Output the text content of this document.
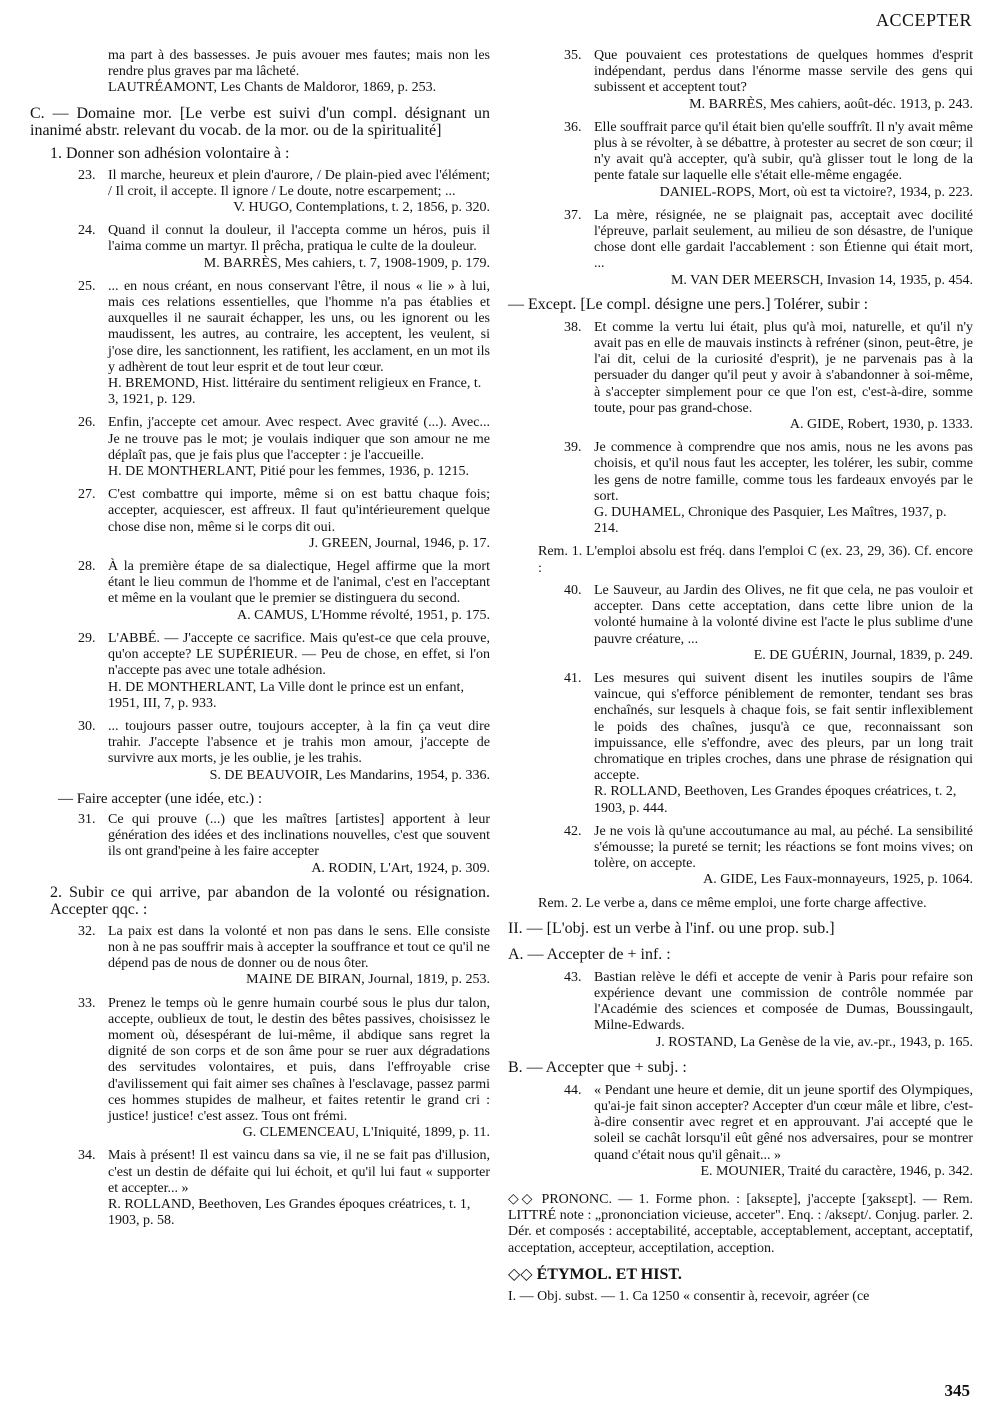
ACCEPTER
ma part à des bassesses. Je puis avouer mes fautes; mais non les rendre plus graves par ma lâcheté.
LAUTRÉAMONT, Les Chants de Maldoror, 1869, p. 253.
C. — Domaine mor. [Le verbe est suivi d'un compl. désignant un inanimé abstr. relevant du vocab. de la mor. ou de la spiritualité]
1. Donner son adhésion volontaire à :
23. Il marche, heureux et plein d'aurore, / De plain-pied avec l'élément; / Il croit, il accepte. Il ignore / Le doute, notre escarpement; ...
V. HUGO, Contemplations, t. 2, 1856, p. 320.
24. Quand il connut la douleur, il l'accepta comme un héros, puis il l'aima comme un martyr. Il prêcha, pratiqua le culte de la douleur.
M. BARRÈS, Mes cahiers, t. 7, 1908-1909, p. 179.
25. ... en nous créant, en nous conservant l'être, il nous « lie » à lui, mais ces relations essentielles, que l'homme n'a pas établies et auxquelles il ne saurait échapper, les uns, ou les ignorent ou les maudissent, les autres, au contraire, les acceptent, les veulent, si j'ose dire, les sanctionnent, les ratifient, les acclament, en un mot ils y adhèrent de tout leur esprit et de tout leur cœur.
H. BREMOND, Hist. littéraire du sentiment religieux en France, t. 3, 1921, p. 129.
26. Enfin, j'accepte cet amour. Avec respect. Avec gravité (...). Avec... Je ne trouve pas le mot; je voulais indiquer que son amour ne me déplaît pas, que je fais plus que l'accepter : je l'accueille.
H. DE MONTHERLANT, Pitié pour les femmes, 1936, p. 1215.
27. C'est combattre qui importe, même si on est battu chaque fois; accepter, acquiescer, est affreux. Il faut qu'intérieurement quelque chose dise non, même si le corps dit oui.
J. GREEN, Journal, 1946, p. 17.
28. À la première étape de sa dialectique, Hegel affirme que la mort étant le lieu commun de l'homme et de l'animal, c'est en l'acceptant et même en la voulant que le premier se distinguera du second.
A. CAMUS, L'Homme révolté, 1951, p. 175.
29. L'ABBÉ. — J'accepte ce sacrifice. Mais qu'est-ce que cela prouve, qu'on accepte? LE SUPÉRIEUR. — Peu de chose, en effet, si l'on n'accepte pas avec une totale adhésion.
H. DE MONTHERLANT, La Ville dont le prince est un enfant, 1951, III, 7, p. 933.
30. ... toujours passer outre, toujours accepter, à la fin ça veut dire trahir. J'accepte l'absence et je trahis mon amour, j'accepte de survivre aux morts, je les oublie, je les trahis.
S. DE BEAUVOIR, Les Mandarins, 1954, p. 336.
— Faire accepter (une idée, etc.) :
31. Ce qui prouve (...) que les maîtres [artistes] apportent à leur génération des idées et des inclinations nouvelles, c'est que souvent ils ont grand'peine à les faire accepter
A. RODIN, L'Art, 1924, p. 309.
2. Subir ce qui arrive, par abandon de la volonté ou résignation. Accepter qqc. :
32. La paix est dans la volonté et non pas dans le sens. Elle consiste non à ne pas souffrir mais à accepter la souffrance et tout ce qu'il ne dépend pas de nous de donner ou de nous ôter.
MAINE DE BIRAN, Journal, 1819, p. 253.
33. Prenez le temps où le genre humain courbé sous le plus dur talon, accepte, oublieux de tout, le destin des bêtes passives, choisissez le moment où, désespérant de lui-même, il abdique sans regret la dignité de son corps et de son âme pour se ruer aux dégradations des servitudes volontaires, et puis, dans l'effroyable crise d'avilissement qui fait aimer ses chaînes à l'esclavage, passez parmi ces hommes stupides de malheur, et faites retentir le grand cri : justice! justice! c'est assez. Tous ont frémi.
G. CLEMENCEAU, L'Iniquité, 1899, p. 11.
34. Mais à présent! Il est vaincu dans sa vie, il ne se fait pas d'illusion, c'est un destin de défaite qui lui échoit, et qu'il lui faut « supporter et accepter... »
R. ROLLAND, Beethoven, Les Grandes époques créatrices, t. 1, 1903, p. 58.
35. Que pouvaient ces protestations de quelques hommes d'esprit indépendant, perdus dans l'énorme masse servile des gens qui subissent et acceptent tout?
M. BARRÈS, Mes cahiers, août-déc. 1913, p. 243.
36. Elle souffrait parce qu'il était bien qu'elle souffrît. Il n'y avait même plus à se révolter, à se débattre, à protester au secret de son cœur; il n'y avait qu'à accepter, qu'à subir, qu'à glisser tout le long de la pente fatale sur laquelle elle s'était elle-même engagée.
DANIEL-ROPS, Mort, où est ta victoire?, 1934, p. 223.
37. La mère, résignée, ne se plaignait pas, acceptait avec docilité l'épreuve, parlait seulement, au milieu de son désastre, de l'unique chose dont elle gardait l'accablement : son Étienne qui était mort, ...
M. VAN DER MEERSCH, Invasion 14, 1935, p. 454.
— Except. [Le compl. désigne une pers.] Tolérer, subir :
38. Et comme la vertu lui était, plus qu'à moi, naturelle, et qu'il n'y avait pas en elle de mauvais instincts à refréner (sinon, peut-être, je l'ai dit, celui de la curiosité d'esprit), je ne parvenais pas à la persuader du danger qu'il peut y avoir à s'abandonner à soi-même, à s'accepter simplement pour ce que l'on est, c'est-à-dire, somme toute, pour pas grand-chose.
A. GIDE, Robert, 1930, p. 1333.
39. Je commence à comprendre que nos amis, nous ne les avons pas choisis, et qu'il nous faut les accepter, les tolérer, les subir, comme les gens de notre famille, comme tous les fardeaux envoyés par le sort.
G. DUHAMEL, Chronique des Pasquier, Les Maîtres, 1937, p. 214.
Rem. 1. L'emploi absolu est fréq. dans l'emploi C (ex. 23, 29, 36). Cf. encore :
40. Le Sauveur, au Jardin des Olives, ne fit que cela, ne pas vouloir et accepter. Dans cette acceptation, dans cette libre union de la volonté humaine à la volonté divine est l'acte le plus sublime d'une pauvre créature, ...
E. DE GUÉRIN, Journal, 1839, p. 249.
41. Les mesures qui suivent disent les inutiles soupirs de l'âme vaincue, qui s'efforce péniblement de remonter, tendant ses bras enchaînés, sur lesquels à chaque fois, se fait sentir inflexiblement le poids des chaînes, jusqu'à ce que, reconnaissant son impuissance, elle s'effondre, avec des pleurs, par un long trait chromatique en triples croches, dans une phrase de résignation qui accepte.
R. ROLLAND, Beethoven, Les Grandes époques créatrices, t. 2, 1903, p. 444.
42. Je ne vois là qu'une accoutumance au mal, au péché. La sensibilité s'émousse; la pureté se ternit; les réactions se font moins vives; on tolère, on accepte.
A. GIDE, Les Faux-monnayeurs, 1925, p. 1064.
Rem. 2. Le verbe a, dans ce même emploi, une forte charge affective.
II. — [L'obj. est un verbe à l'inf. ou une prop. sub.]
A. — Accepter de + inf. :
43. Bastian relève le défi et accepte de venir à Paris pour refaire son expérience devant une commission de contrôle nommée par l'Académie des sciences et composée de Dumas, Boussingault, Milne-Edwards.
J. ROSTAND, La Genèse de la vie, av.-pr., 1943, p. 165.
B. — Accepter que + subj. :
44. « Pendant une heure et demie, dit un jeune sportif des Olympiques, qu'ai-je fait sinon accepter? Accepter d'un cœur mâle et libre, c'est-à-dire consentir avec regret et en approuvant. J'ai accepté que le soleil se cachât lorsqu'il eût gêné nos adversaires, pour se montrer quand c'était nous qu'il gênait... »
E. MOUNIER, Traité du caractère, 1946, p. 342.
◇◇ PRONONC. — 1. Forme phon. : [aksɛpte], j'accepte [ʒaksɛpt]. — Rem. LITTRÉ note : „prononciation vicieuse, acceter". Enq. : /aksɛpt/. Conjug. parler. 2. Dér. et composés : acceptabilité, acceptable, acceptablement, acceptant, acceptatif, acceptation, accepteur, acceptilation, acception.
◇◇ ÉTYMOL. ET HIST.
I. — Obj. subst. — 1. Ca 1250 « consentir à, recevoir, agréer (ce
345
